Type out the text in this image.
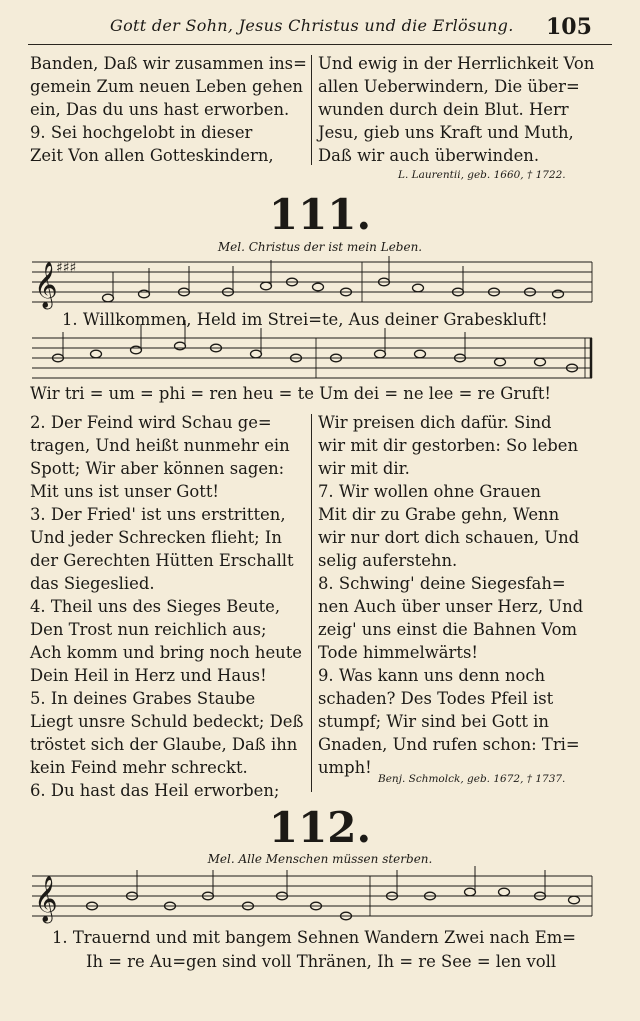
Gott der Sohn, Jesus Christus und die Erlösung. 105
Banden, Daß wir zusammen ins=
gemein Zum neuen Leben gehen
ein, Das du uns hast erworben.
9. Sei hochgelobt in dieser
Zeit Von allen Gotteskindern,
Und ewig in der Herrlichkeit Von
allen Ueberwindern, Die über=
wunden durch dein Blut. Herr
Jesu, gieb uns Kraft und Muth,
Daß wir auch überwinden.
L. Laurentii, geb. 1660, † 1722.
111.
Mel. Christus der ist mein Leben.
𝄞
♯♯♯
𝄞
1. Willkommen, Held im Strei=te, Aus deiner Grabeskluft!
Wir tri = um = phi = ren heu = te Um dei = ne lee = re Gruft!
2. Der Feind wird Schau ge=
tragen, Und heißt nunmehr ein
Spott; Wir aber können sagen:
Mit uns ist unser Gott!
3. Der Fried' ist uns erstritten,
Und jeder Schrecken flieht; In
der Gerechten Hütten Erschallt
das Siegeslied.
4. Theil uns des Sieges Beute,
Den Trost nun reichlich aus;
Ach komm und bring noch heute
Dein Heil in Herz und Haus!
5. In deines Grabes Staube
Liegt unsre Schuld bedeckt; Deß
tröstet sich der Glaube, Daß ihn
kein Feind mehr schreckt.
6. Du hast das Heil erworben;
Wir preisen dich dafür. Sind
wir mit dir gestorben: So leben
wir mit dir.
7. Wir wollen ohne Grauen
Mit dir zu Grabe gehn, Wenn
wir nur dort dich schauen, Und
selig auferstehn.
8. Schwing' deine Siegesfah=
nen Auch über unser Herz, Und
zeig' uns einst die Bahnen Vom
Tode himmelwärts!
9. Was kann uns denn noch
schaden? Des Todes Pfeil ist
stumpf; Wir sind bei Gott in
Gnaden, Und rufen schon: Tri=
umph!
Benj. Schmolck, geb. 1672, † 1737.
112.
Mel. Alle Menschen müssen sterben.
1. Trauernd und mit bangem Sehnen Wandern Zwei nach Em=
Ih = re Au=gen sind voll Thränen, Ih = re See = len voll
